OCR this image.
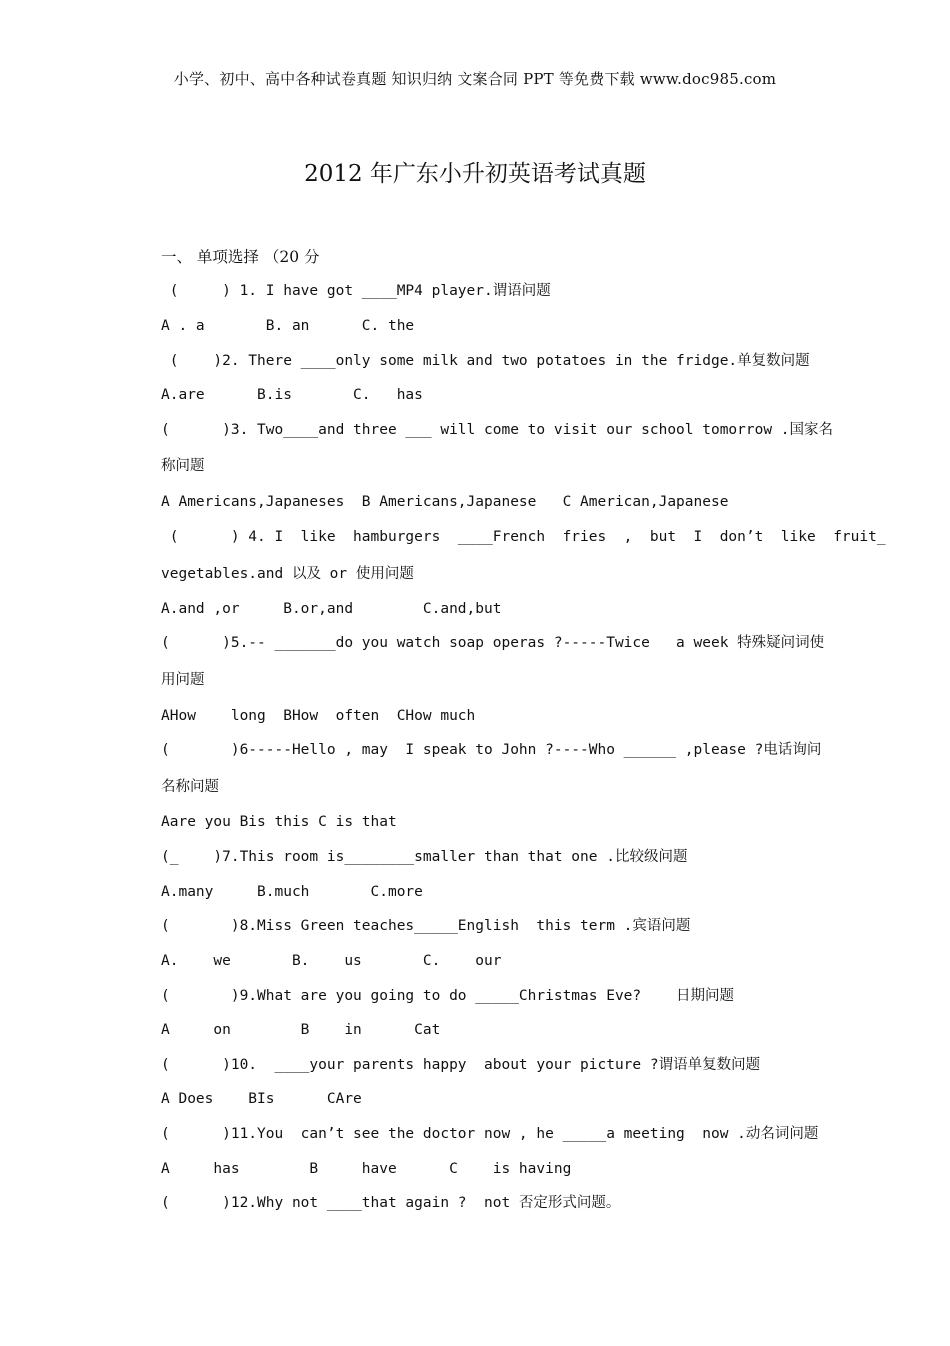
小学、初中、高中各种试卷真题 知识归纳 文案合同 PPT 等免费下载 www.doc985.com
2012 年广东小升初英语考试真题
一、 单项选择 （20 分
(     ) 1. I have got ____MP4 player.谓语问题
A . a       B. an      C. the
(    )2. There ____only some milk and two potatoes in the fridge.单复数问题
A.are      B.is       C.   has
(      )3. Two____and three ___ will come to visit our school tomorrow .国家名
称问题
A Americans,Japaneses  B Americans,Japanese   C American,Japanese
(      ) 4. I  like  hamburgers  ____French  fries  ,  but  I  don’t  like  fruit_
vegetables.and 以及 or 使用问题
A.and ,or     B.or,and        C.and,but
(      )5.-- _______do you watch soap operas ?-----Twice   a week 特殊疑问词使
用问题
AHow    long  BHow  often  CHow much
(       )6-----Hello , may  I speak to John ?----Who ______ ,please ?电话询问
名称问题
Aare you Bis this C is that
(_    )7.This room is________smaller than that one .比较级问题
A.many     B.much       C.more
(       )8.Miss Green teaches_____English  this term .宾语问题
A.    we       B.    us       C.    our
(       )9.What are you going to do _____Christmas Eve?    日期问题
A     on        B    in      Cat
(      )10.  ____your parents happy  about your picture ?谓语单复数问题
A Does    BIs      CAre
(      )11.You  can’t see the doctor now , he _____a meeting  now .动名词问题
A     has        B     have      C    is having
(      )12.Why not ____that again ?  not 否定形式问题。
